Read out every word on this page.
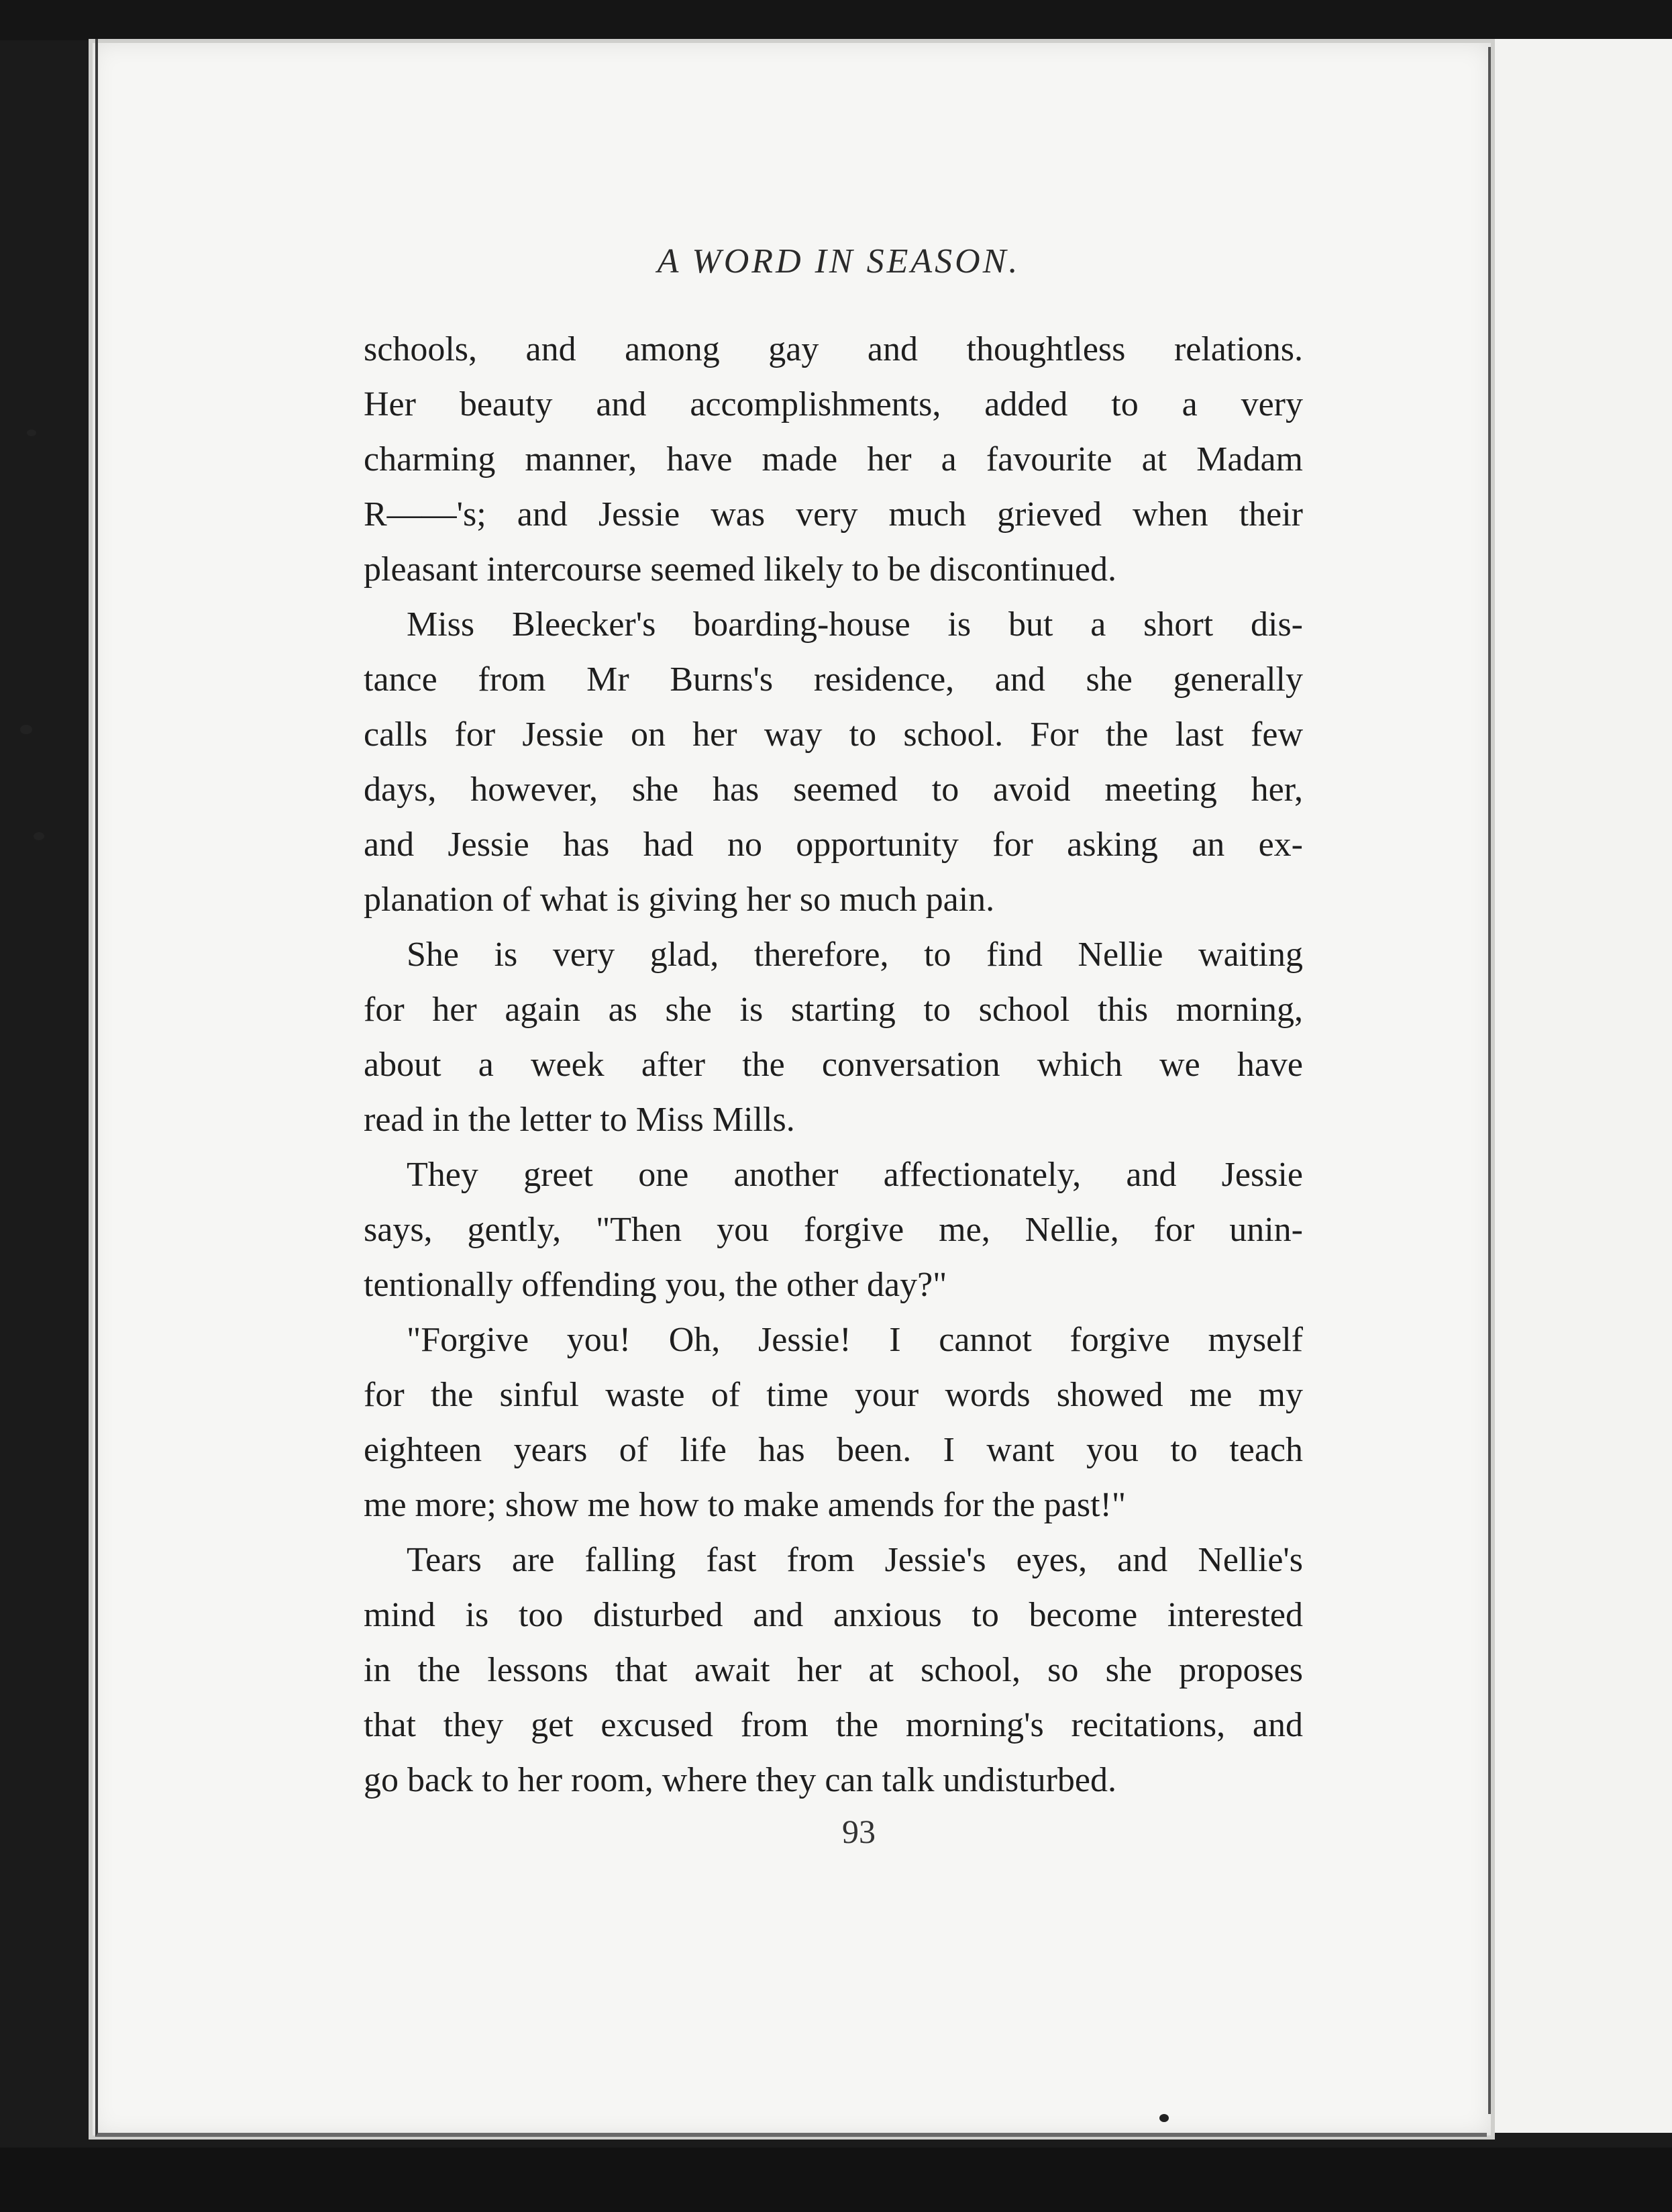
A WORD IN SEASON.
schools, and among gay and thoughtless relations.
Her beauty and accomplishments, added to a very
charming manner, have made her a favourite at Madam
R——'s; and Jessie was very much grieved when their
pleasant intercourse seemed likely to be discontinued.
Miss Bleecker's boarding-house is but a short dis-
tance from Mr Burns's residence, and she generally
calls for Jessie on her way to school. For the last few
days, however, she has seemed to avoid meeting her,
and Jessie has had no opportunity for asking an ex-
planation of what is giving her so much pain.
She is very glad, therefore, to find Nellie waiting
for her again as she is starting to school this morning,
about a week after the conversation which we have
read in the letter to Miss Mills.
They greet one another affectionately, and Jessie
says, gently, "Then you forgive me, Nellie, for unin-
tentionally offending you, the other day?"
"Forgive you! Oh, Jessie! I cannot forgive myself
for the sinful waste of time your words showed me my
eighteen years of life has been. I want you to teach
me more; show me how to make amends for the past!"
Tears are falling fast from Jessie's eyes, and Nellie's
mind is too disturbed and anxious to become interested
in the lessons that await her at school, so she proposes
that they get excused from the morning's recitations, and
go back to her room, where they can talk undisturbed.
93
